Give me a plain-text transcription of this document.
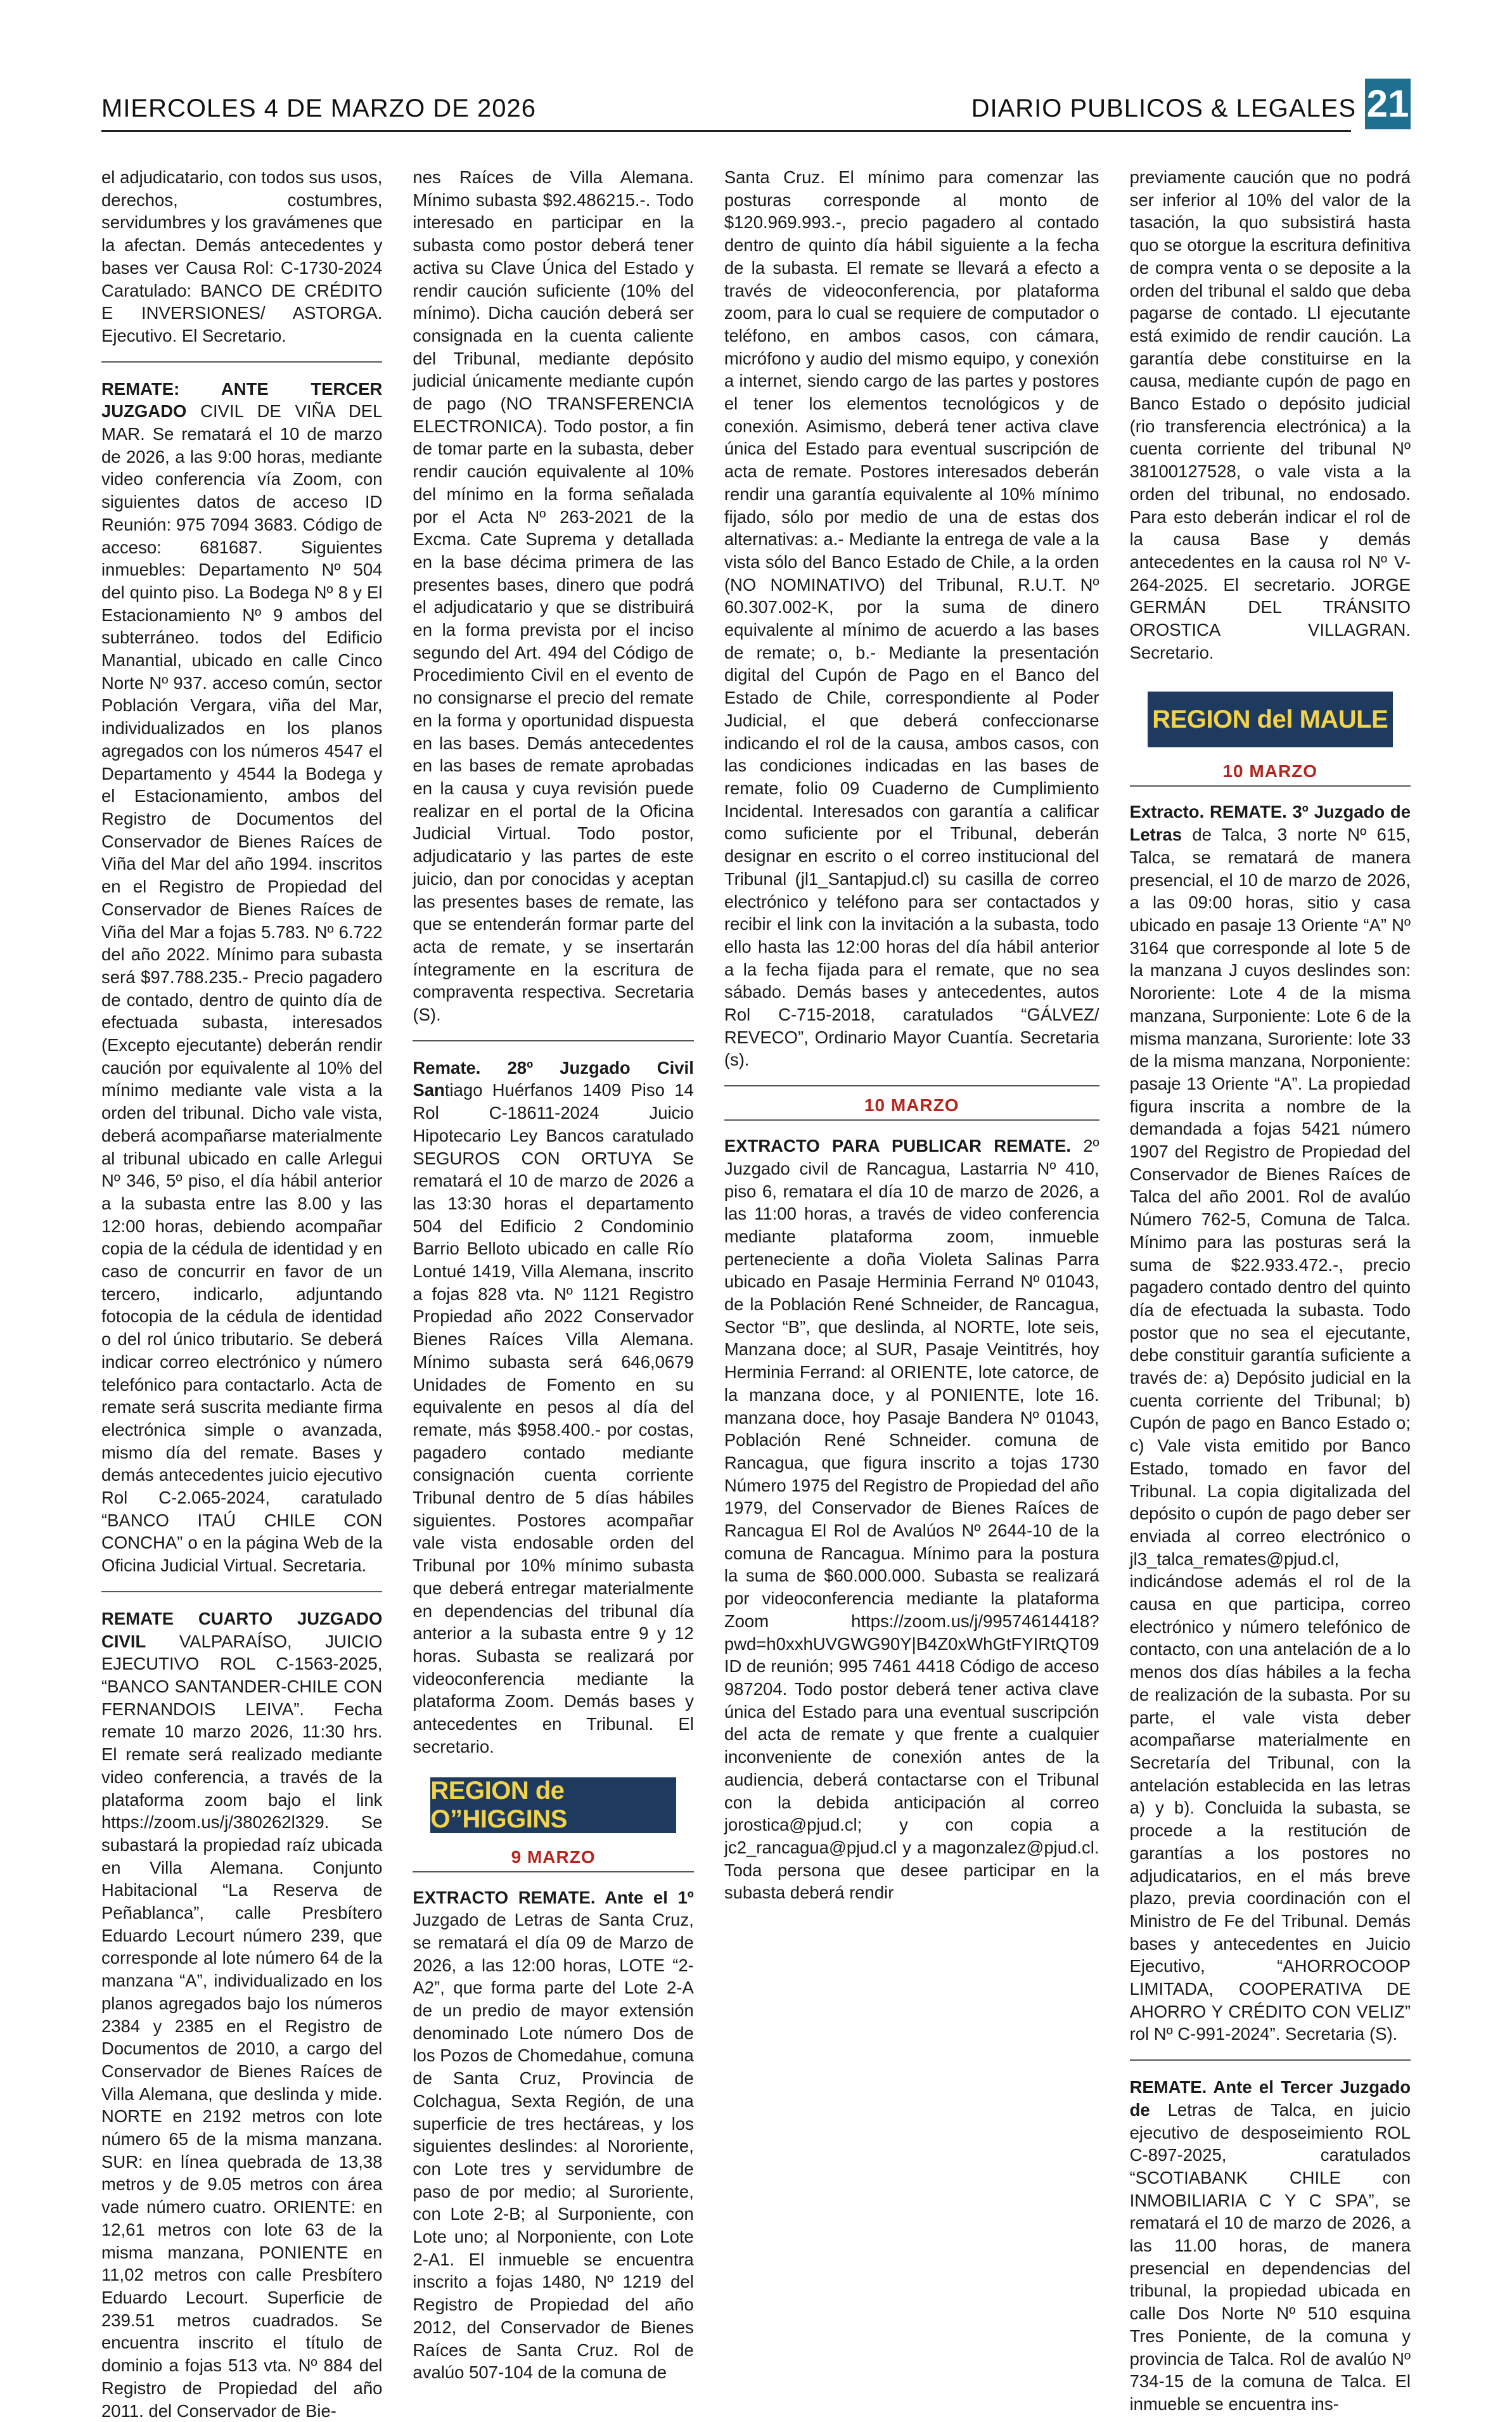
MIERCOLES 4 DE MARZO DE 2026	DIARIO PUBLICOS & LEGALES 21

el adjudicatario, con todos sus usos, derechos, costumbres, servidumbres y los gravámenes que la afectan. Demás antecedentes y bases ver Causa Rol: C-1730-2024 Caratulado: BANCO DE CRÉDITO E INVERSIONES/ ASTORGA. Ejecutivo. El Secretario.

REMATE: ANTE TERCER JUZGADO CIVIL DE VIÑA DEL MAR. Se rematará el 10 de marzo de 2026, a las 9:00 horas, mediante video conferencia vía Zoom, con siguientes datos de acceso ID Reunión: 975 7094 3683. Código de acceso: 681687. Siguientes inmuebles: Departamento Nº 504 del quinto piso. La Bodega Nº 8 y El Estacionamiento Nº 9 ambos del subterráneo. todos del Edificio Manantial, ubicado en calle Cinco Norte Nº 937. acceso común, sector Población Vergara, viña del Mar, individualizados en los planos agregados con los números 4547 el Departamento y 4544 la Bodega y el Estacionamiento, ambos del Registro de Documentos del Conservador de Bienes Raíces de Viña del Mar del año 1994. inscritos en el Registro de Propiedad del Conservador de Bienes Raíces de Viña del Mar a fojas 5.783. Nº 6.722 del año 2022. Mínimo para subasta será $97.788.235.- Precio pagadero de contado, dentro de quinto día de efectuada subasta, interesados (Excepto ejecutante) deberán rendir caución por equivalente al 10% del mínimo mediante vale vista a la orden del tribunal. Dicho vale vista, deberá acompañarse materialmente al tribunal ubicado en calle Arlegui Nº 346, 5º piso, el día hábil anterior a la subasta entre las 8.00 y las 12:00 horas, debiendo acompañar copia de la cédula de identidad y en caso de concurrir en favor de un tercero, indicarlo, adjuntando fotocopia de la cédula de identidad o del rol único tributario. Se deberá indicar correo electrónico y número telefónico para contactarlo. Acta de remate será suscrita mediante firma electrónica simple o avanzada, mismo día del remate. Bases y demás antecedentes juicio ejecutivo Rol C-2.065-2024, caratulado “BANCO ITAÚ CHILE CON CONCHA” o en la página Web de la Oficina Judicial Virtual. Secretaria.

REMATE CUARTO JUZGADO CIVIL VALPARAÍSO, JUICIO EJECUTIVO ROL C-1563-2025, “BANCO SANTANDER-CHILE CON FERNANDOIS LEIVA”. Fecha remate 10 marzo 2026, 11:30 hrs. El remate será realizado mediante video conferencia, a través de la plataforma zoom bajo el link https://zoom.us/j/380262l329. Se subastará la propiedad raíz ubicada en Villa Alemana. Conjunto Habitacional “La Reserva de Peñablanca”, calle Presbítero Eduardo Lecourt número 239, que corresponde al lote número 64 de la manzana “A”, individualizado en los planos agregados bajo los números 2384 y 2385 en el Registro de Documentos de 2010, a cargo del Conservador de Bienes Raíces de Villa Alemana, que deslinda y mide. NORTE en 2192 metros con lote número 65 de la misma manzana. SUR: en línea quebrada de 13,38 metros y de 9.05 metros con área vade número cuatro. ORIENTE: en 12,61 metros con lote 63 de la misma manzana, PONIENTE en 11,02 metros con calle Presbítero Eduardo Lecourt. Superficie de 239.51 metros cuadrados. Se encuentra inscrito el título de dominio a fojas 513 vta. Nº 884 del Registro de Propiedad del año 2011. del Conservador de Bie-

nes Raíces de Villa Alemana. Mínimo subasta $92.486215.-. Todo interesado en participar en la subasta como postor deberá tener activa su Clave Única del Estado y rendir caución suficiente (10% del mínimo). Dicha caución deberá ser consignada en la cuenta caliente del Tribunal, mediante depósito judicial únicamente mediante cupón de pago (NO TRANSFERENCIA ELECTRONICA). Todo postor, a fin de tomar parte en la subasta, deber rendir caución equivalente al 10% del mínimo en la forma señalada por el Acta Nº 263-2021 de la Excma. Cate Suprema y detallada en la base décima primera de las presentes bases, dinero que podrá el adjudicatario y que se distribuirá en la forma prevista por el inciso segundo del Art. 494 del Código de Procedimiento Civil en el evento de no consignarse el precio del remate en la forma y oportunidad dispuesta en las bases. Demás antecedentes en las bases de remate aprobadas en la causa y cuya revisión puede realizar en el portal de la Oficina Judicial Virtual. Todo postor, adjudicatario y las partes de este juicio, dan por conocidas y aceptan las presentes bases de remate, las que se entenderán formar parte del acta de remate, y se insertarán íntegramente en la escritura de compraventa respectiva. Secretaria (S).

Remate. 28º Juzgado Civil Santiago Huérfanos 1409 Piso 14 Rol C-18611-2024 Juicio Hipotecario Ley Bancos caratulado SEGUROS CON ORTUYA Se rematará el 10 de marzo de 2026 a las 13:30 horas el departamento 504 del Edificio 2 Condominio Barrio Belloto ubicado en calle Río Lontué 1419, Villa Alemana, inscrito a fojas 828 vta. Nº 1121 Registro Propiedad año 2022 Conservador Bienes Raíces Villa Alemana. Mínimo subasta será 646,0679 Unidades de Fomento en su equivalente en pesos al día del remate, más $958.400.- por costas, pagadero contado mediante consignación cuenta corriente Tribunal dentro de 5 días hábiles siguientes. Postores acompañar vale vista endosable orden del Tribunal por 10% mínimo subasta que deberá entregar materialmente en dependencias del tribunal día anterior a la subasta entre 9 y 12 horas. Subasta se realizará por videoconferencia mediante la plataforma Zoom. Demás bases y antecedentes en Tribunal. El secretario.

REGION de O”HIGGINS
9 MARZO

EXTRACTO REMATE. Ante el 1º Juzgado de Letras de Santa Cruz, se rematará el día 09 de Marzo de 2026, a las 12:00 horas, LOTE “2-A2”, que forma parte del Lote 2-A de un predio de mayor extensión denominado Lote número Dos de los Pozos de Chomedahue, comuna de Santa Cruz, Provincia de Colchagua, Sexta Región, de una superficie de tres hectáreas, y los siguientes deslindes: al Nororiente, con Lote tres y servidumbre de paso de por medio; al Suroriente, con Lote 2-B; al Surponiente, con Lote uno; al Norponiente, con Lote 2-A1. El inmueble se encuentra inscrito a fojas 1480, Nº 1219 del Registro de Propiedad del año 2012, del Conservador de Bienes Raíces de Santa Cruz. Rol de avalúo 507-104 de la comuna de

Santa Cruz. El mínimo para comenzar las posturas corresponde al monto de $120.969.993.-, precio pagadero al contado dentro de quinto día hábil siguiente a la fecha de la subasta. El remate se llevará a efecto a través de videoconferencia, por plataforma zoom, para lo cual se requiere de computador o teléfono, en ambos casos, con cámara, micrófono y audio del mismo equipo, y conexión a internet, siendo cargo de las partes y postores el tener los elementos tecnológicos y de conexión. Asimismo, deberá tener activa clave única del Estado para eventual suscripción de acta de remate. Postores interesados deberán rendir una garantía equivalente al 10% mínimo fijado, sólo por medio de una de estas dos alternativas: a.- Mediante la entrega de vale a la vista sólo del Banco Estado de Chile, a la orden (NO NOMINATIVO) del Tribunal, R.U.T. Nº 60.307.002-K, por la suma de dinero equivalente al mínimo de acuerdo a las bases de remate; o, b.- Mediante la presentación digital del Cupón de Pago en el Banco del Estado de Chile, correspondiente al Poder Judicial, el que deberá confeccionarse indicando el rol de la causa, ambos casos, con las condiciones indicadas en las bases de remate, folio 09 Cuaderno de Cumplimiento Incidental. Interesados con garantía a calificar como suficiente por el Tribunal, deberán designar en escrito o el correo institucional del Tribunal (jl1_Santapjud.cl) su casilla de correo electrónico y teléfono para ser contactados y recibir el link con la invitación a la subasta, todo ello hasta las 12:00 horas del día hábil anterior a la fecha fijada para el remate, que no sea sábado. Demás bases y antecedentes, autos Rol C-715-2018, caratulados “GÁLVEZ/ REVECO”, Ordinario Mayor Cuantía. Secretaria (s).

10 MARZO

EXTRACTO PARA PUBLICAR REMATE. 2º Juzgado civil de Rancagua, Lastarria Nº 410, piso 6, rematara el día 10 de marzo de 2026, a las 11:00 horas, a través de video conferencia mediante plataforma zoom, inmueble perteneciente a doña Violeta Salinas Parra ubicado en Pasaje Herminia Ferrand Nº 01043, de la Población René Schneider, de Rancagua, Sector “B”, que deslinda, al NORTE, lote seis, Manzana doce; al SUR, Pasaje Veintitrés, hoy Herminia Ferrand: al ORIENTE, lote catorce, de la manzana doce, y al PONIENTE, lote 16. manzana doce, hoy Pasaje Bandera Nº 01043, Población René Schneider. comuna de Rancagua, que figura inscrito a tojas 1730 Número 1975 del Registro de Propiedad del año 1979, del Conservador de Bienes Raíces de Rancagua El Rol de Avalúos Nº 2644-10 de la comuna de Rancagua. Mínimo para la postura la suma de $60.000.000. Subasta se realizará por videoconferencia mediante la plataforma Zoom https://zoom.us/j/99574614418?pwd=h0xxhUVGWG90Y|B4Z0xWhGtFYIRtQT09 ID de reunión; 995 7461 4418 Código de acceso 987204. Todo postor deberá tener activa clave única del Estado para una eventual suscripción del acta de remate y que frente a cualquier inconveniente de conexión antes de la audiencia, deberá contactarse con el Tribunal con la debida anticipación al correo jorostica@pjud.cl; y con copia a jc2_rancagua@pjud.cl y a magonzalez@pjud.cl. Toda persona que desee participar en la subasta deberá rendir

previamente caución que no podrá ser inferior al 10% del valor de la tasación, la quo subsistirá hasta quo se otorgue la escritura definitiva de compra venta o se deposite a la orden del tribunal el saldo que deba pagarse de contado. Ll ejecutante está eximido de rendir caución. La garantía debe constituirse en la causa, mediante cupón de pago en Banco Estado o depósito judicial (rio transferencia electrónica) a la cuenta corriente del tribunal Nº 38100127528, o vale vista a la orden del tribunal, no endosado. Para esto deberán indicar el rol de la causa Base y demás antecedentes en la causa rol Nº V-264-2025. El secretario. JORGE GERMÁN DEL TRÁNSITO OROSTICA VILLAGRAN. Secretario.

REGION del MAULE
10 MARZO

Extracto. REMATE. 3º Juzgado de Letras de Talca, 3 norte Nº 615, Talca, se rematará de manera presencial, el 10 de marzo de 2026, a las 09:00 horas, sitio y casa ubicado en pasaje 13 Oriente “A” Nº 3164 que corresponde al lote 5 de la manzana J cuyos deslindes son: Nororiente: Lote 4 de la misma manzana, Surponiente: Lote 6 de la misma manzana, Suroriente: lote 33 de la misma manzana, Norponiente: pasaje 13 Oriente “A”. La propiedad figura inscrita a nombre de la demandada a fojas 5421 número 1907 del Registro de Propiedad del Conservador de Bienes Raíces de Talca del año 2001. Rol de avalúo Número 762-5, Comuna de Talca. Mínimo para las posturas será la suma de $22.933.472.-, precio pagadero contado dentro del quinto día de efectuada la subasta. Todo postor que no sea el ejecutante, debe constituir garantía suficiente a través de: a) Depósito judicial en la cuenta corriente del Tribunal; b) Cupón de pago en Banco Estado o; c) Vale vista emitido por Banco Estado, tomado en favor del Tribunal. La copia digitalizada del depósito o cupón de pago deber ser enviada al correo electrónico o jl3_talca_remates@pjud.cl, indicándose además el rol de la causa en que participa, correo electrónico y número telefónico de contacto, con una antelación de a lo menos dos días hábiles a la fecha de realización de la subasta. Por su parte, el vale vista deber acompañarse materialmente en Secretaría del Tribunal, con la antelación establecida en las letras a) y b). Concluida la subasta, se procede a la restitución de garantías a los postores no adjudicatarios, en el más breve plazo, previa coordinación con el Ministro de Fe del Tribunal. Demás bases y antecedentes en Juicio Ejecutivo, “AHORROCOOP LIMITADA, COOPERATIVA DE AHORRO Y CRÉDITO CON VELIZ” rol Nº C-991-2024”. Secretaria (S).

REMATE. Ante el Tercer Juzgado de Letras de Talca, en juicio ejecutivo de desposeimiento ROL C-897-2025, caratulados “SCOTIABANK CHILE con INMOBILIARIA C Y C SPA”, se rematará el 10 de marzo de 2026, a las 11.00 horas, de manera presencial en dependencias del tribunal, la propiedad ubicada en calle Dos Norte Nº 510 esquina Tres Poniente, de la comuna y provincia de Talca. Rol de avalúo Nº 734-15 de la comuna de Talca. El inmueble se encuentra ins-
